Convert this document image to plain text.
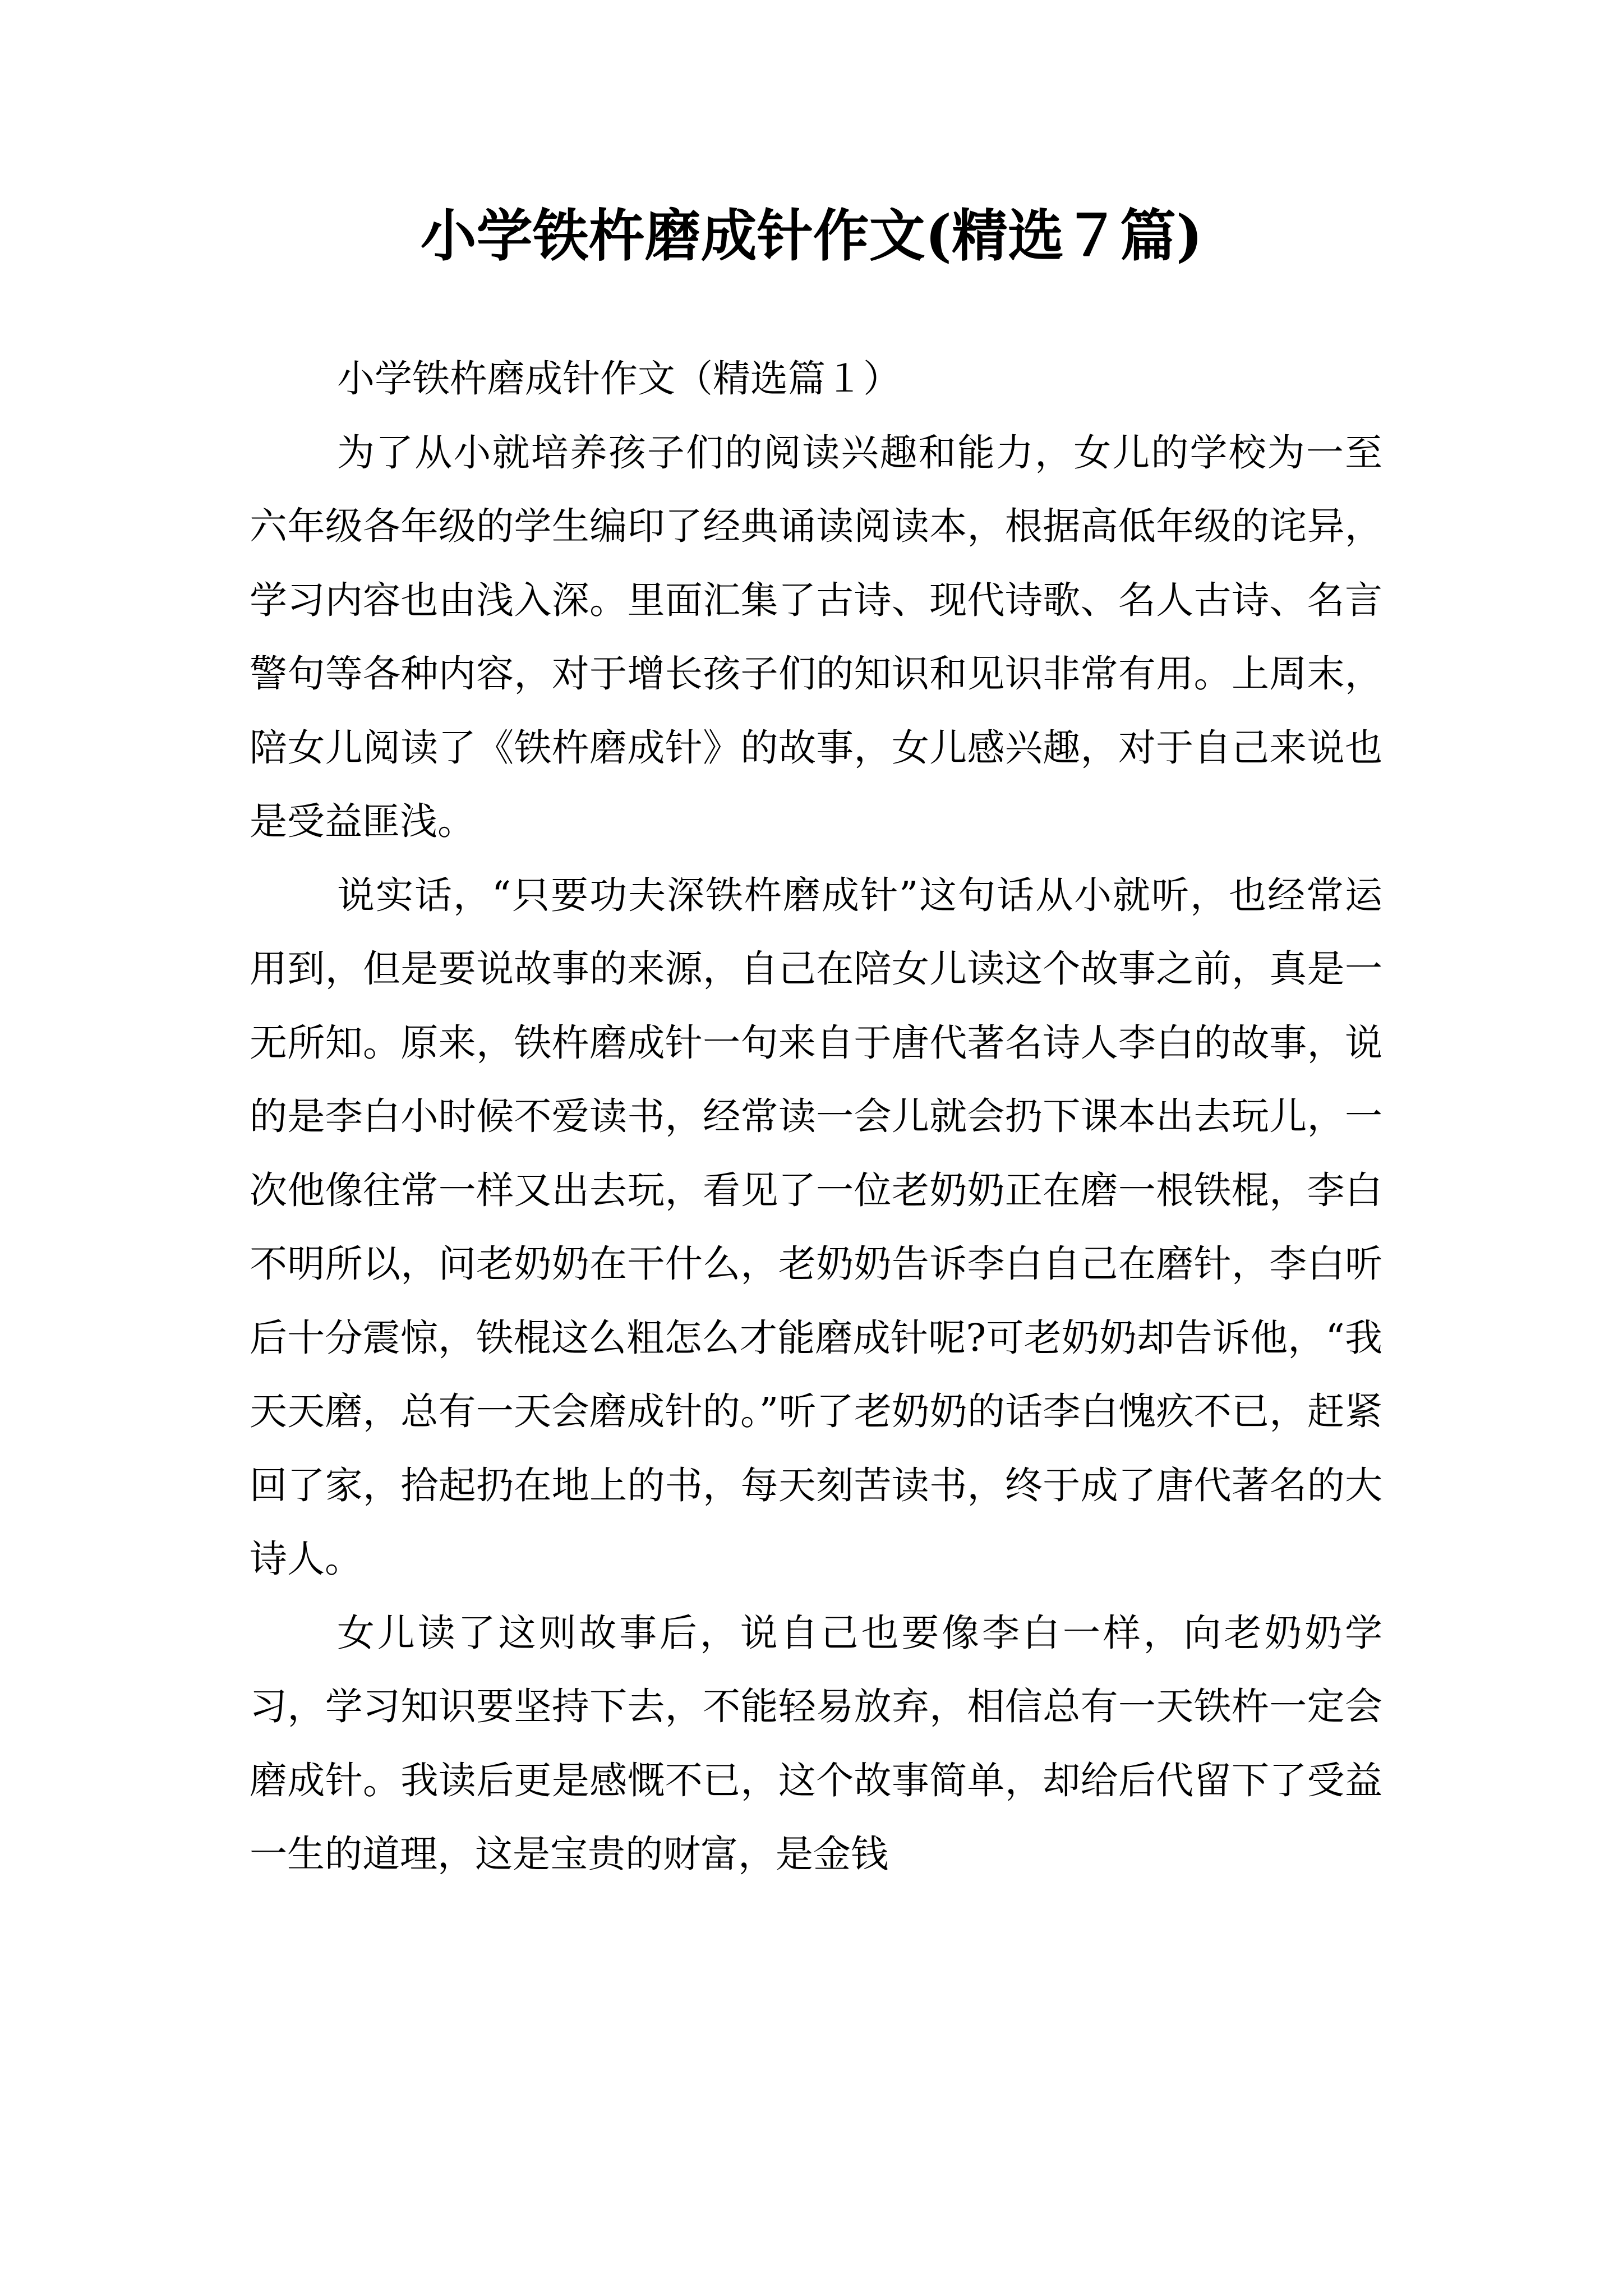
小学铁杵磨成针作文(精选７篇)

小学铁杵磨成针作文（精选篇１）

为了从小就培养孩子们的阅读兴趣和能力，女儿的学校为一至六年级各年级的学生编印了经典诵读阅读本，根据高低年级的诧异，学习内容也由浅入深。里面汇集了古诗、现代诗歌、名人古诗、名言警句等各种内容，对于增长孩子们的知识和见识非常有用。上周末，陪女儿阅读了《铁杵磨成针》的故事，女儿感兴趣，对于自己来说也是受益匪浅。

说实话，“只要功夫深铁杵磨成针”这句话从小就听，也经常运用到，但是要说故事的来源，自己在陪女儿读这个故事之前，真是一无所知。原来，铁杵磨成针一句来自于唐代著名诗人李白的故事，说的是李白小时候不爱读书，经常读一会儿就会扔下课本出去玩儿，一次他像往常一样又出去玩，看见了一位老奶奶正在磨一根铁棍，李白不明所以，问老奶奶在干什么，老奶奶告诉李白自己在磨针，李白听后十分震惊，铁棍这么粗怎么才能磨成针呢?可老奶奶却告诉他，“我天天磨，总有一天会磨成针的。”听了老奶奶的话李白愧疚不已，赶紧回了家，拾起扔在地上的书，每天刻苦读书，终于成了唐代著名的大诗人。

女儿读了这则故事后，说自己也要像李白一样，向老奶奶学习，学习知识要坚持下去，不能轻易放弃，相信总有一天铁杵一定会磨成针。我读后更是感慨不已，这个故事简单，却给后代留下了受益一生的道理，这是宝贵的财富，是金钱
